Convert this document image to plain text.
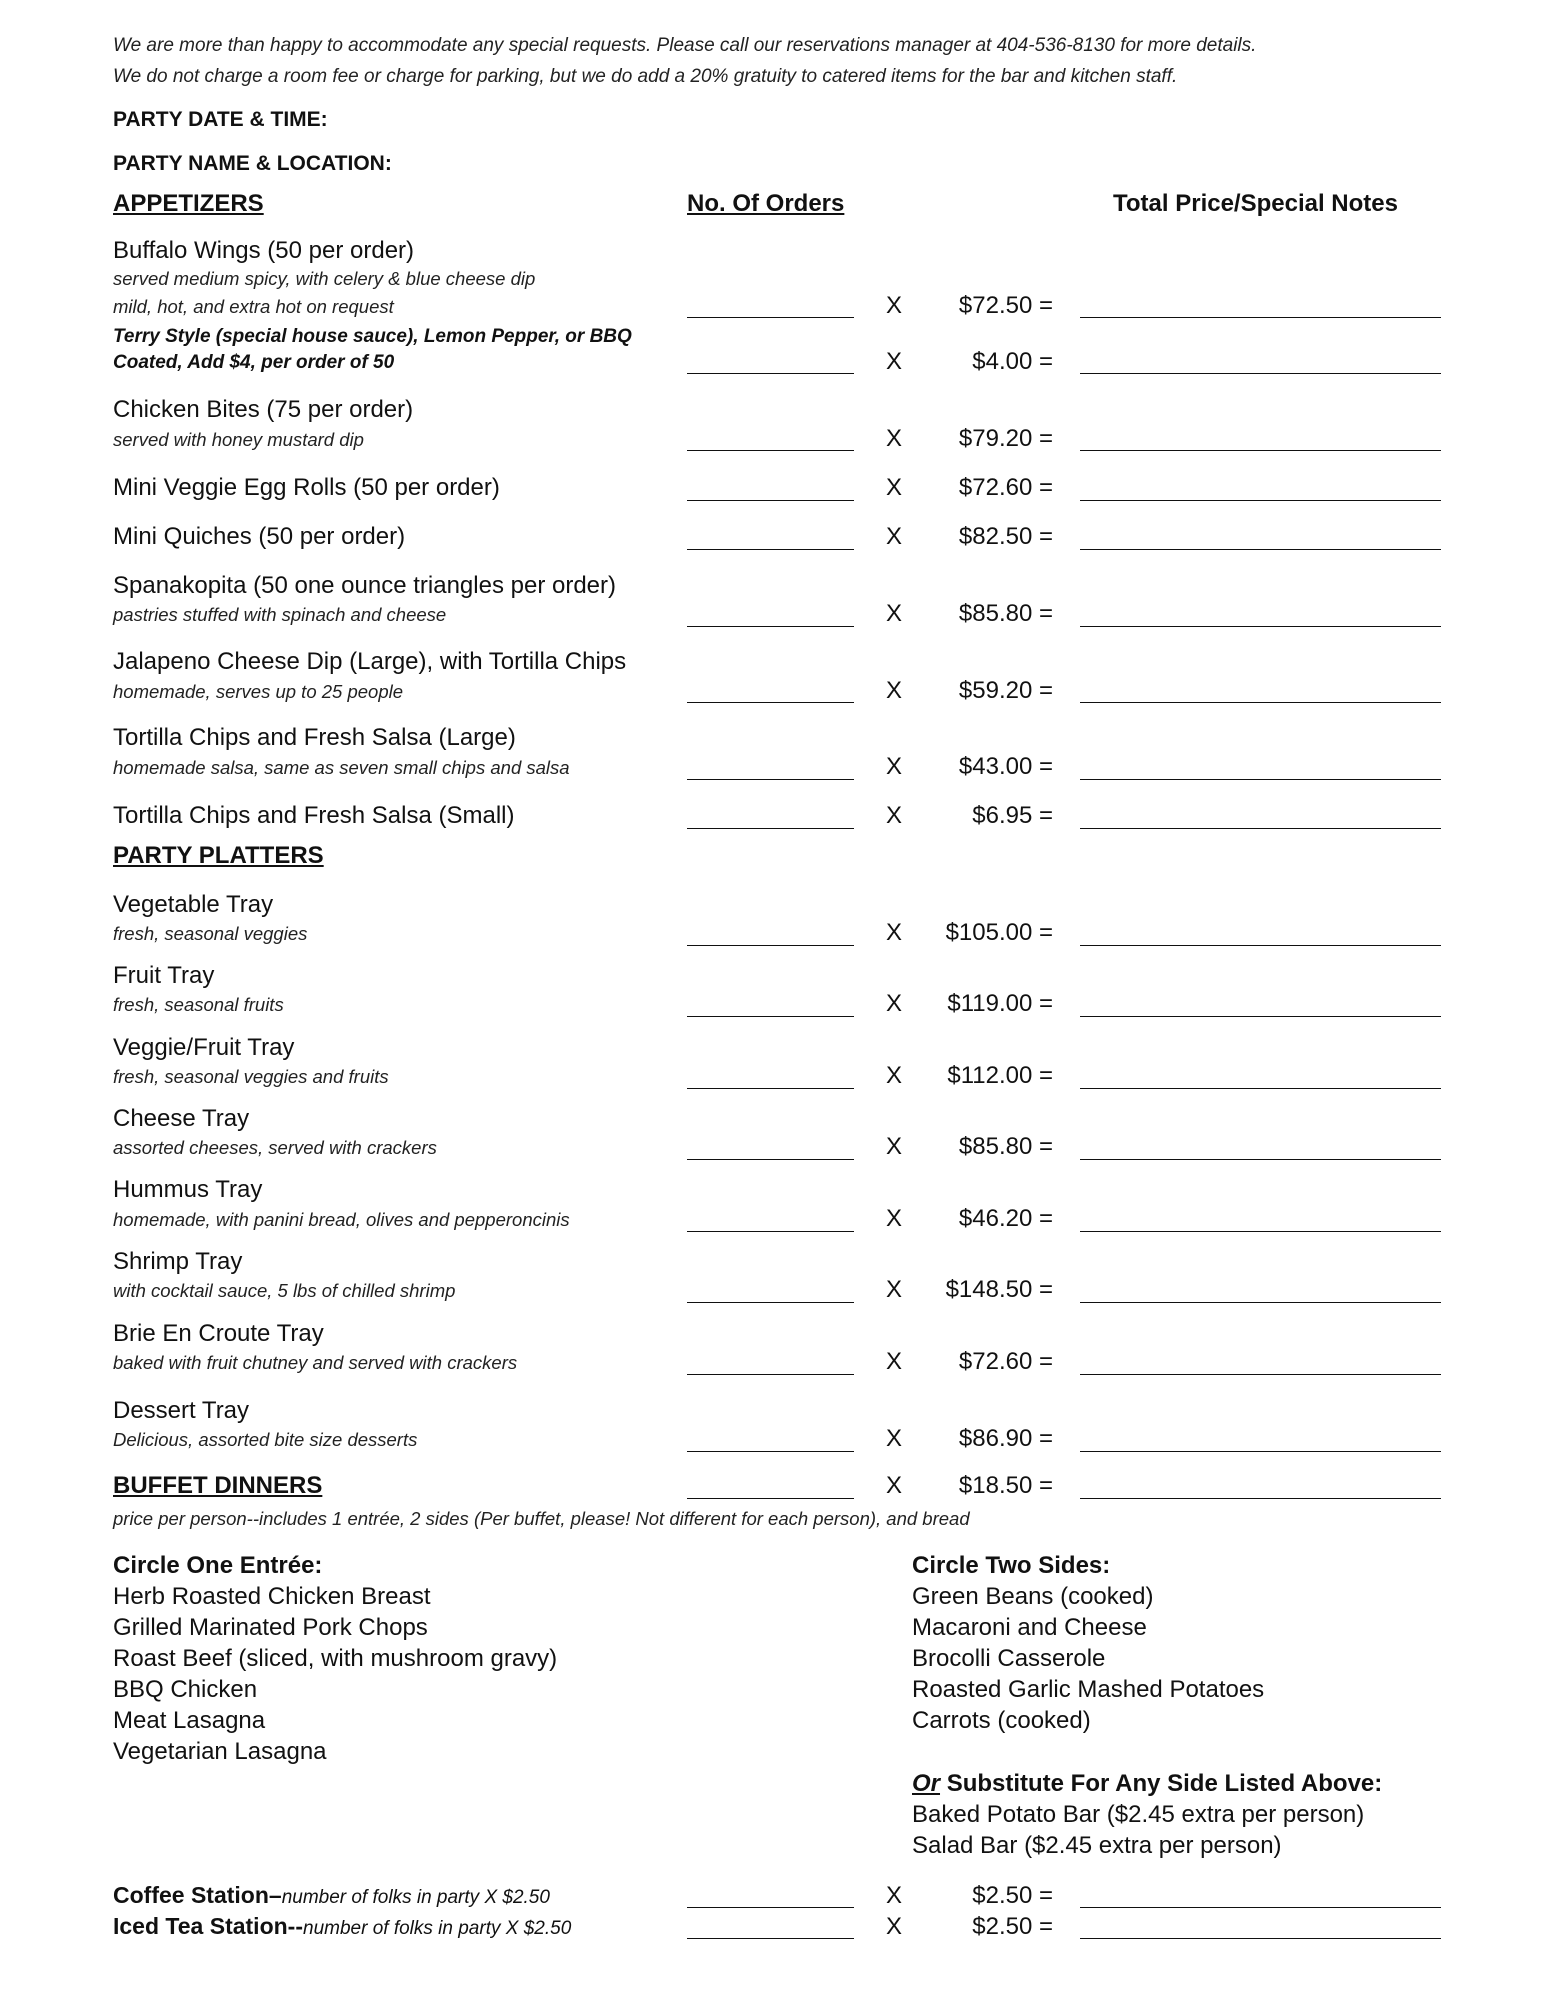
We are more than happy to accommodate any special requests. Please call our reservations manager at 404-536-8130 for more details.
We do not charge a room fee or charge for parking, but we do add a 20% gratuity to catered items for the bar and kitchen staff.
PARTY DATE & TIME:
PARTY NAME & LOCATION:
APPETIZERS	No. Of Orders	Total Price/Special Notes
Buffalo Wings (50 per order)
served medium spicy, with celery & blue cheese dip
mild, hot, and extra hot on request	X $72.50 =
Terry Style (special house sauce), Lemon Pepper, or BBQ
Coated, Add $4, per order of 50	X	$4.00 =
Chicken Bites (75 per order)
served with honey mustard dip	X $79.20 =
Mini Veggie Egg Rolls (50 per order)	X $72.60 =
Mini Quiches (50 per order)	X $82.50 =
Spanakopita (50 one ounce triangles per order)
pastries stuffed with spinach and cheese	X $85.80 =
Jalapeno Cheese Dip (Large), with Tortilla Chips
homemade, serves up to 25 people	X $59.20 =
Tortilla Chips and Fresh Salsa (Large)
homemade salsa, same as seven small chips and salsa	X $43.00 =
Tortilla Chips and Fresh Salsa (Small)	X	$6.95 =
PARTY PLATTERS
Vegetable Tray
fresh, seasonal veggies	X $105.00 =
Fruit Tray
fresh, seasonal fruits	X $119.00 =
Veggie/Fruit Tray
fresh, seasonal veggies and fruits	X $112.00 =
Cheese Tray
assorted cheeses, served with crackers	X $85.80 =
Hummus Tray
homemade, with panini bread, olives and pepperoncinis	X $46.20 =
Shrimp Tray
with cocktail sauce, 5 lbs of chilled shrimp	X $148.50 =
Brie En Croute Tray
baked with fruit chutney and served with crackers	X $72.60 =
Dessert Tray
Delicious, assorted bite size desserts	X $86.90 =
BUFFET DINNERS	X $18.50 =
price per person--includes 1 entrée, 2 sides (Per buffet, please! Not different for each person), and bread
Circle One Entrée:
Herb Roasted Chicken Breast
Grilled Marinated Pork Chops
Roast Beef (sliced, with mushroom gravy)
BBQ Chicken
Meat Lasagna
Vegetarian Lasagna
Circle Two Sides:
Green Beans (cooked)
Macaroni and Cheese
Brocolli Casserole
Roasted Garlic Mashed Potatoes
Carrots (cooked)
Or Substitute For Any Side Listed Above:
Baked Potato Bar ($2.45 extra per person)
Salad Bar ($2.45 extra per person)
Coffee Station–number of folks in party X $2.50	X	$2.50 =
Iced Tea Station--number of folks in party X $2.50	X	$2.50 =
